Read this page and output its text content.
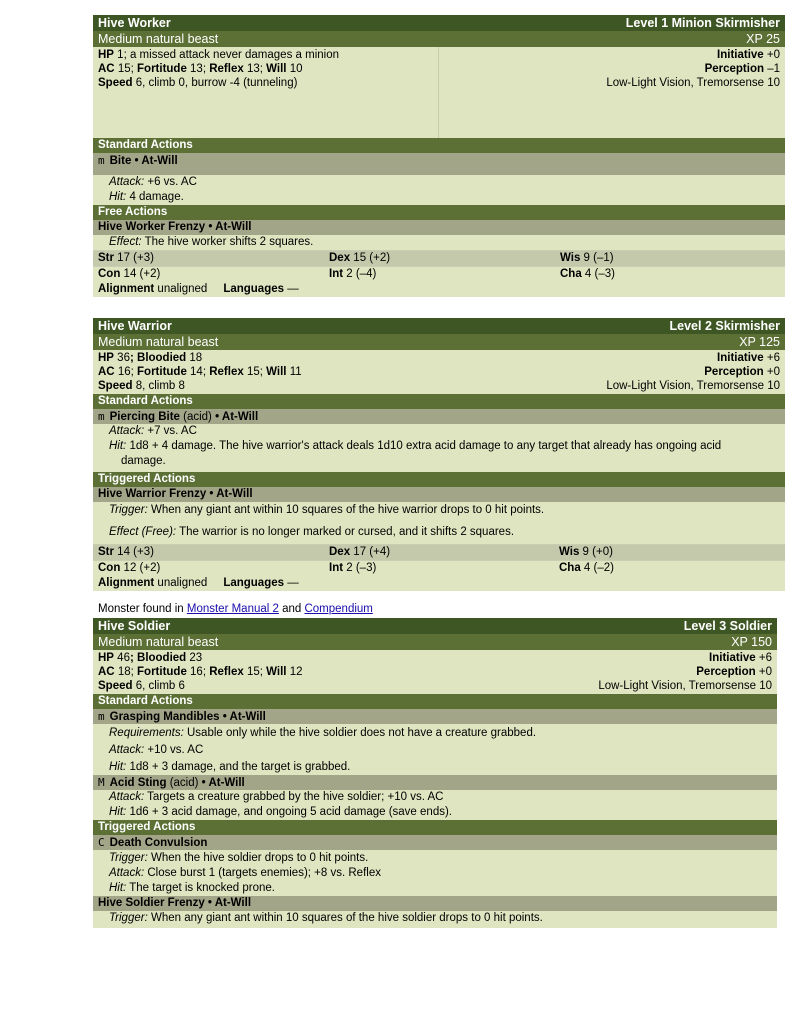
Hive Worker	Level 1 Minion Skirmisher
Medium natural beast	XP 25
HP 1; a missed attack never damages a minion
AC 15; Fortitude 13; Reflex 13; Will 10
Speed 6, climb 0, burrow -4 (tunneling)
Initiative +0
Perception –1
Low-Light Vision, Tremorsense 10
Standard Actions
m Bite • At-Will
Attack: +6 vs. AC
Hit: 4 damage.
Free Actions
Hive Worker Frenzy • At-Will
Effect: The hive worker shifts 2 squares.
Str 17 (+3)	Dex 15 (+2)	Wis 9 (–1)
Con 14 (+2)	Int 2 (–4)	Cha 4 (–3)
Alignment unaligned Languages —
Hive Warrior	Level 2 Skirmisher
Medium natural beast	XP 125
HP 36; Bloodied 18
AC 16; Fortitude 14; Reflex 15; Will 11
Speed 8, climb 8
Initiative +6
Perception +0
Low-Light Vision, Tremorsense 10
Standard Actions
m Piercing Bite (acid) • At-Will
Attack: +7 vs. AC
Hit: 1d8 + 4 damage. The hive warrior's attack deals 1d10 extra acid damage to any target that already has ongoing acid
damage.
Triggered Actions
Hive Warrior Frenzy • At-Will
Trigger: When any giant ant within 10 squares of the hive warrior drops to 0 hit points.
Effect (Free): The warrior is no longer marked or cursed, and it shifts 2 squares.
Str 14 (+3)	Dex 17 (+4)	Wis 9 (+0)
Con 12 (+2)	Int 2 (–3)	Cha 4 (–2)
Alignment unaligned Languages —
Monster found in Monster Manual 2 and Compendium
Hive Soldier	Level 3 Soldier
Medium natural beast	XP 150
HP 46; Bloodied 23
AC 18; Fortitude 16; Reflex 15; Will 12
Speed 6, climb 6
Initiative +6
Perception +0
Low-Light Vision, Tremorsense 10
Standard Actions
m Grasping Mandibles • At-Will
Requirements: Usable only while the hive soldier does not have a creature grabbed.
Attack: +10 vs. AC
Hit: 1d8 + 3 damage, and the target is grabbed.
M Acid Sting (acid) • At-Will
Attack: Targets a creature grabbed by the hive soldier; +10 vs. AC
Hit: 1d6 + 3 acid damage, and ongoing 5 acid damage (save ends).
Triggered Actions
C Death Convulsion
Trigger: When the hive soldier drops to 0 hit points.
Attack: Close burst 1 (targets enemies); +8 vs. Reflex
Hit: The target is knocked prone.
Hive Soldier Frenzy • At-Will
Trigger: When any giant ant within 10 squares of the hive soldier drops to 0 hit points.
